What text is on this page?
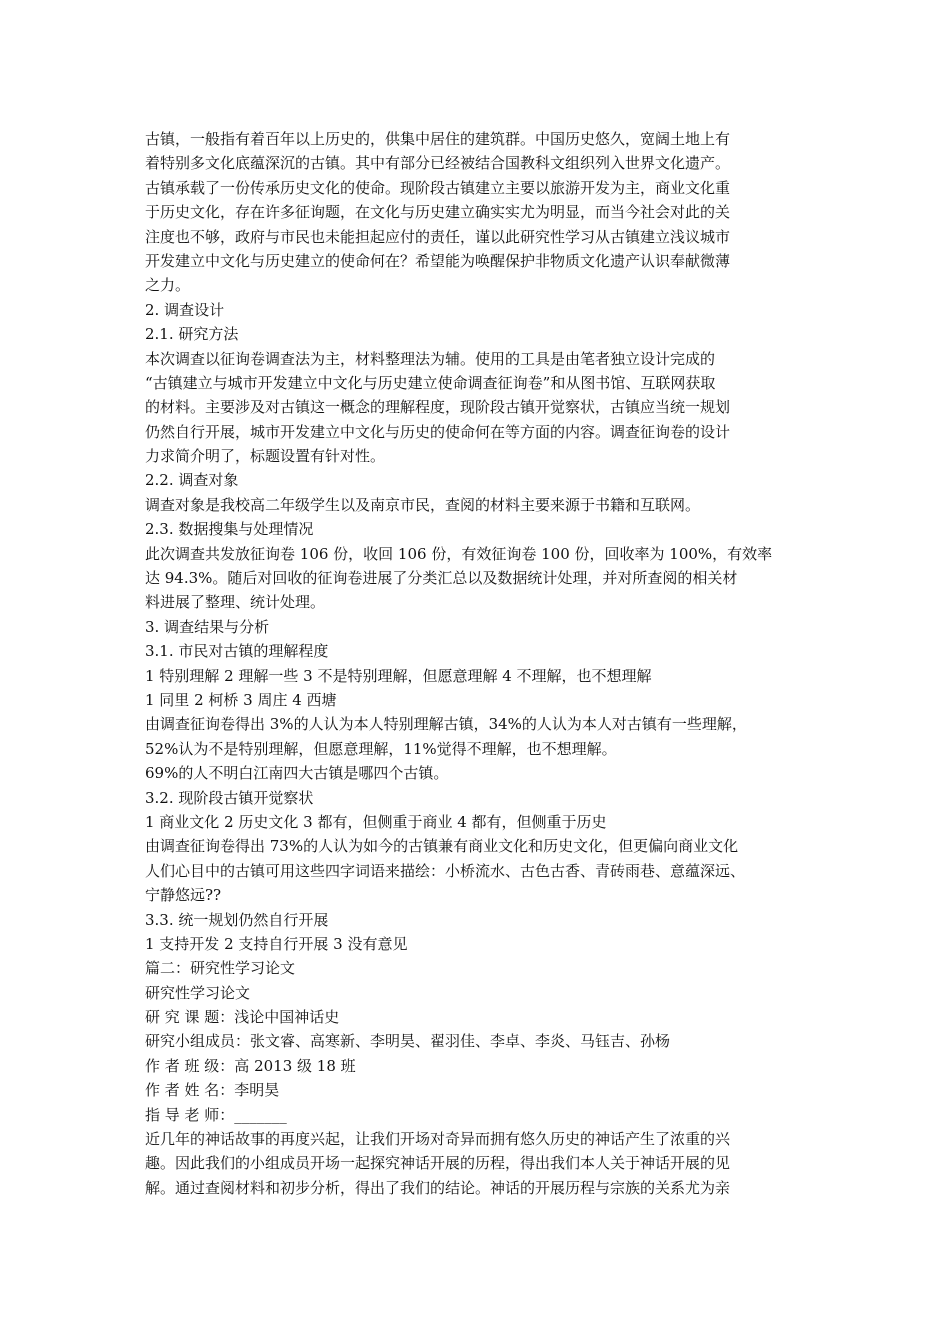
古镇，一般指有着百年以上历史的，供集中居住的建筑群。中国历史悠久，宽阔土地上有
着特别多文化底蕴深沉的古镇。其中有部分已经被结合国教科文组织列入世界文化遗产。
古镇承载了一份传承历史文化的使命。现阶段古镇建立主要以旅游开发为主，商业文化重
于历史文化，存在许多征询题，在文化与历史建立确实实尤为明显，而当今社会对此的关
注度也不够，政府与市民也未能担起应付的责任，谨以此研究性学习从古镇建立浅议城市
开发建立中文化与历史建立的使命何在？希望能为唤醒保护非物质文化遗产认识奉献微薄
之力。
2. 调查设计
2.1. 研究方法
本次调查以征询卷调查法为主，材料整理法为辅。使用的工具是由笔者独立设计完成的
“古镇建立与城市开发建立中文化与历史建立使命调查征询卷”和从图书馆、互联网获取
的材料。主要涉及对古镇这一概念的理解程度，现阶段古镇开觉察状，古镇应当统一规划
仍然自行开展，城市开发建立中文化与历史的使命何在等方面的内容。调查征询卷的设计
力求简介明了，标题设置有针对性。
2.2. 调查对象
调查对象是我校高二年级学生以及南京市民，查阅的材料主要来源于书籍和互联网。
2.3. 数据搜集与处理情况
此次调查共发放征询卷 106 份，收回 106 份，有效征询卷 100 份，回收率为 100%，有效率
达 94.3%。随后对回收的征询卷进展了分类汇总以及数据统计处理，并对所查阅的相关材
料进展了整理、统计处理。
3. 调查结果与分析
3.1. 市民对古镇的理解程度
1 特别理解 2 理解一些 3 不是特别理解，但愿意理解 4 不理解，也不想理解
1 同里 2 柯桥 3 周庄 4 西塘
由调查征询卷得出 3%的人认为本人特别理解古镇，34%的人认为本人对古镇有一些理解，
52%认为不是特别理解，但愿意理解，11%觉得不理解，也不想理解。
69%的人不明白江南四大古镇是哪四个古镇。
3.2. 现阶段古镇开觉察状
1 商业文化 2 历史文化 3 都有，但侧重于商业 4 都有，但侧重于历史
由调查征询卷得出 73%的人认为如今的古镇兼有商业文化和历史文化，但更偏向商业文化
人们心目中的古镇可用这些四字词语来描绘：小桥流水、古色古香、青砖雨巷、意蕴深远、
宁静悠远??
3.3. 统一规划仍然自行开展
1 支持开发 2 支持自行开展 3 没有意见
篇二：研究性学习论文
研究性学习论文
研 究 课 题：浅论中国神话史
研究小组成员：张文睿、高寒新、李明昊、翟羽佳、李卓、李炎、马钰吉、孙杨
作 者 班 级：高 2013 级 18 班
作 者 姓 名：李明昊
指 导 老 师：_______
近几年的神话故事的再度兴起，让我们开场对奇异而拥有悠久历史的神话产生了浓重的兴
趣。因此我们的小组成员开场一起探究神话开展的历程，得出我们本人关于神话开展的见
解。通过查阅材料和初步分析，得出了我们的结论。神话的开展历程与宗族的关系尤为亲
